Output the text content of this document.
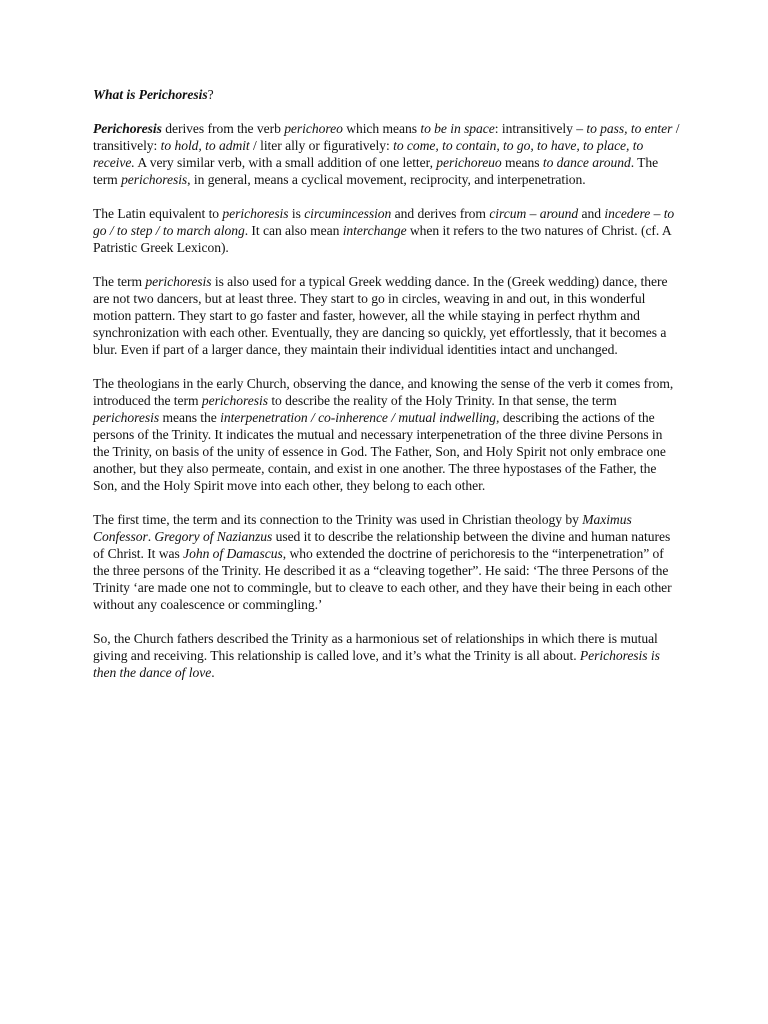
What is Perichoresis?

Perichoresis derives from the verb perichoreo which means to be in space: intransitively – to pass, to enter / transitively: to hold, to admit / liter ally or figuratively: to come, to contain, to go, to have, to place, to receive. A very similar verb, with a small addition of one letter, perichoreuo means to dance around. The term perichoresis, in general, means a cyclical movement, reciprocity, and interpenetration.

The Latin equivalent to perichoresis is circumincession and derives from circum – around and incedere – to go / to step / to march along. It can also mean interchange when it refers to the two natures of Christ. (cf. A Patristic Greek Lexicon).

The term perichoresis is also used for a typical Greek wedding dance. In the (Greek wedding) dance, there are not two dancers, but at least three. They start to go in circles, weaving in and out, in this wonderful motion pattern. They start to go faster and faster, however, all the while staying in perfect rhythm and synchronization with each other. Eventually, they are dancing so quickly, yet effortlessly, that it becomes a blur. Even if part of a larger dance, they maintain their individual identities intact and unchanged.

The theologians in the early Church, observing the dance, and knowing the sense of the verb it comes from, introduced the term perichoresis to describe the reality of the Holy Trinity. In that sense, the term perichoresis means the interpenetration / co-inherence / mutual indwelling, describing the actions of the persons of the Trinity. It indicates the mutual and necessary interpenetration of the three divine Persons in the Trinity, on basis of the unity of essence in God. The Father, Son, and Holy Spirit not only embrace one another, but they also permeate, contain, and exist in one another. The three hypostases of the Father, the Son, and the Holy Spirit move into each other, they belong to each other.

The first time, the term and its connection to the Trinity was used in Christian theology by Maximus Confessor. Gregory of Nazianzus used it to describe the relationship between the divine and human natures of Christ. It was John of Damascus, who extended the doctrine of perichoresis to the “interpenetration” of the three persons of the Trinity. He described it as a “cleaving together”. He said: ‘The three Persons of the Trinity ‘are made one not to commingle, but to cleave to each other, and they have their being in each other without any coalescence or commingling.’

So, the Church fathers described the Trinity as a harmonious set of relationships in which there is mutual giving and receiving. This relationship is called love, and it’s what the Trinity is all about. Perichoresis is then the dance of love.
